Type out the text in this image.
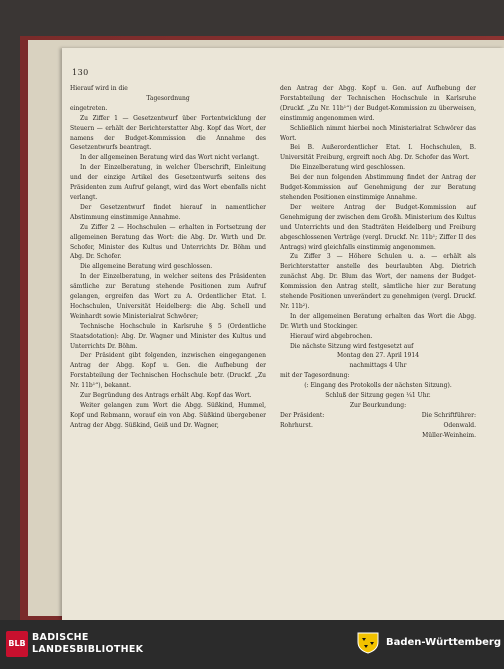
130

Hierauf wird in die

Tagesordnung

eingetreten.

Zu Ziffer 1 — Gesetzentwurf über Fortentwicklung der Steuern — erhält der Berichterstatter Abg. Kopf das Wort, der namens der Budget-Kommission die Annahme des Gesetzentwurfs beantragt.

In der allgemeinen Beratung wird das Wort nicht verlangt.

In der Einzelberatung, in welcher Überschrift, Einleitung und der einzige Artikel des Gesetzentwurfs seitens des Präsidenten zum Aufruf gelangt, wird das Wort ebenfalls nicht verlangt.

Der Gesetzentwurf findet hierauf in namentlicher Abstimmung einstimmige Annahme.

Zu Ziffer 2 — Hochschulen — erhalten in Fortsetzung der allgemeinen Beratung das Wort: die Abg. Dr. Wirth und Dr. Schofer, Minister des Kultus und Unterrichts Dr. Böhm und Abg. Dr. Schofer.

Die allgemeine Beratung wird geschlossen.

In der Einzelberatung, in welcher seitens des Präsidenten sämtliche zur Beratung stehende Positionen zum Aufruf gelangen, ergreifen das Wort zu A. Ordentlicher Etat. I. Hochschulen, Universität Heidelberg: die Abg. Schell und Weinhardt sowie Ministerialrat Schwörer;

Technische Hochschule in Karlsruhe § 5 (Ordentliche Staatsdotation): Abg. Dr. Wagner und Minister des Kultus und Unterrichts Dr. Böhm.

Der Präsident gibt folgenden, inzwischen eingegangenen Antrag der Abgg. Kopf u. Gen. die Aufhebung der Forstabteilung der Technischen Hochschule betr. (Druckf. „Zu Nr. 11b¹“), bekannt.

Zur Begründung des Antrags erhält Abg. Kopf das Wort.

Weiter gelangen zum Wort die Abgg. Süßkind, Hummel, Kopf und Rebmann, worauf ein von Abg. Süßkind übergebener Antrag der Abgg. Süßkind, Geiß und Dr. Wagner,

den Antrag der Abgg. Kopf u. Gen. auf Aufhebung der Forstabteilung der Technischen Hochschule in Karlsruhe (Druckf. „Zu Nr. 11b¹“) der Budget-Kommission zu überweisen, einstimmig angenommen wird.

Schließlich nimmt hierbei noch Ministerialrat Schwörer das Wort.

Bei B. Außerordentlicher Etat. I. Hochschulen, B. Universität Freiburg, ergreift noch Abg. Dr. Schofer das Wort.

Die Einzelberatung wird geschlossen.

Bei der nun folgenden Abstimmung findet der Antrag der Budget-Kommission auf Genehmigung der zur Beratung stehenden Positionen einstimmige Annahme.

Der weitere Antrag der Budget-Kommission auf Genehmigung der zwischen dem Großh. Ministerium des Kultus und Unterrichts und den Stadträten Heidelberg und Freiburg abgeschlossenen Verträge (vergl. Druckf. Nr. 11b¹; Ziffer II des Antrags) wird gleichfalls einstimmig angenommen.

Zu Ziffer 3 — Höhere Schulen u. a. — erhält als Berichterstatter anstelle des beurlaubten Abg. Dietrich zunächst Abg. Dr. Blum das Wort, der namens der Budget-Kommission den Antrag stellt, sämtliche hier zur Beratung stehende Positionen unverändert zu genehmigen (vergl. Druckf. Nr. 11b²).

In der allgemeinen Beratung erhalten das Wort die Abgg. Dr. Wirth und Stockinger.

Hierauf wird abgebrochen.

Die nächste Sitzung wird festgesetzt auf

Montag den 27. April 1914

nachmittags 4 Uhr

mit der Tagesordnung:

(: Eingang des Protokolls der nächsten Sitzung).

Schluß der Sitzung gegen ¼1 Uhr.

Zur Beurkundung:

Der Präsident:	Die Schriftführer:
Rohrhurst.	Odenwald.
Müller-Weinheim.
BLB
BADISCHE
LANDESBIBLIOTHEK
Baden-Württemberg
